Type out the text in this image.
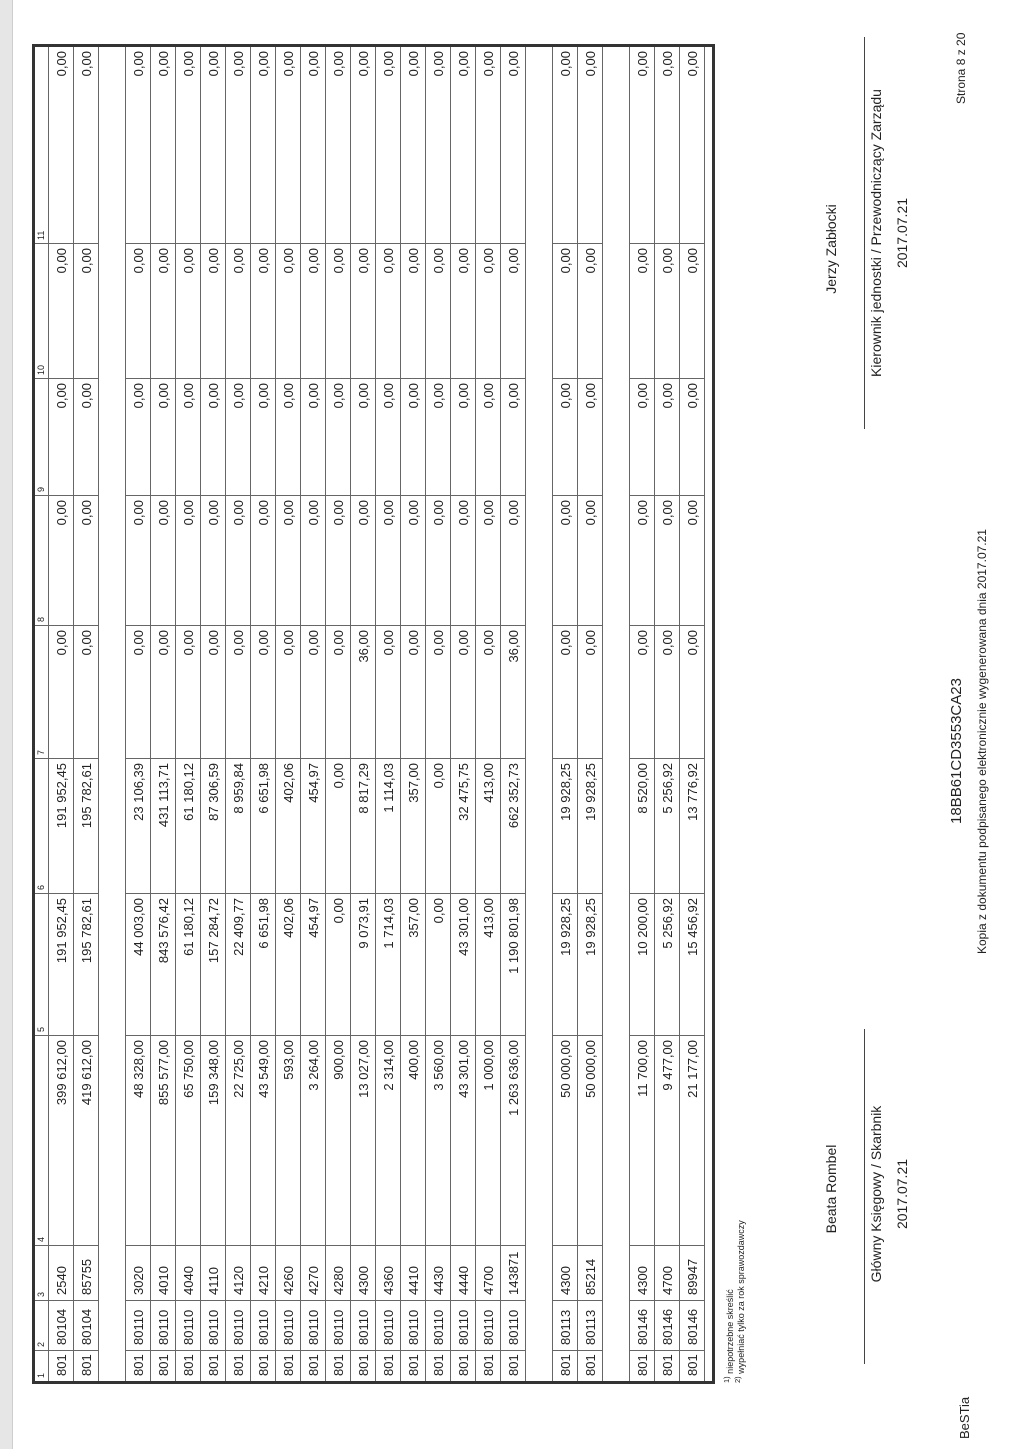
1
2
3
4
5
6
7
8
9
10
11
801
80104
2540
399 612,00
191 952,45
191 952,45
0,00
0,00
0,00
0,00
0,00
801
80104
85755
419 612,00
195 782,61
195 782,61
0,00
0,00
0,00
0,00
0,00
801
80110
3020
48 328,00
44 003,00
23 106,39
0,00
0,00
0,00
0,00
0,00
801
80110
4010
855 577,00
843 576,42
431 113,71
0,00
0,00
0,00
0,00
0,00
801
80110
4040
65 750,00
61 180,12
61 180,12
0,00
0,00
0,00
0,00
0,00
801
80110
4110
159 348,00
157 284,72
87 306,59
0,00
0,00
0,00
0,00
0,00
801
80110
4120
22 725,00
22 409,77
8 959,84
0,00
0,00
0,00
0,00
0,00
801
80110
4210
43 549,00
6 651,98
6 651,98
0,00
0,00
0,00
0,00
0,00
801
80110
4260
593,00
402,06
402,06
0,00
0,00
0,00
0,00
0,00
801
80110
4270
3 264,00
454,97
454,97
0,00
0,00
0,00
0,00
0,00
801
80110
4280
900,00
0,00
0,00
0,00
0,00
0,00
0,00
0,00
801
80110
4300
13 027,00
9 073,91
8 817,29
36,00
0,00
0,00
0,00
0,00
801
80110
4360
2 314,00
1 714,03
1 114,03
0,00
0,00
0,00
0,00
0,00
801
80110
4410
400,00
357,00
357,00
0,00
0,00
0,00
0,00
0,00
801
80110
4430
3 560,00
0,00
0,00
0,00
0,00
0,00
0,00
0,00
801
80110
4440
43 301,00
43 301,00
32 475,75
0,00
0,00
0,00
0,00
0,00
801
80110
4700
1 000,00
413,00
413,00
0,00
0,00
0,00
0,00
0,00
801
80110
143871
1 263 636,00
1 190 801,98
662 352,73
36,00
0,00
0,00
0,00
0,00
801
80113
4300
50 000,00
19 928,25
19 928,25
0,00
0,00
0,00
0,00
0,00
801
80113
85214
50 000,00
19 928,25
19 928,25
0,00
0,00
0,00
0,00
0,00
801
80146
4300
11 700,00
10 200,00
8 520,00
0,00
0,00
0,00
0,00
0,00
801
80146
4700
9 477,00
5 256,92
5 256,92
0,00
0,00
0,00
0,00
0,00
801
80146
89947
21 177,00
15 456,92
13 776,92
0,00
0,00
0,00
0,00
0,00
$^{1)}$ niepotrzebne skreślić
$^{2)}$ wypełniać tylko za rok sprawozdawczy
Beata Rombel Główny Księgowy / Skarbnik 2017.07.21
Jerzy Zabłocki Kierownik jednostki / Przewodniczący Zarządu 2017.07.21
BeSTia
18BB61CD3553CA23 Kopia z dokumentu podpisanego elektronicznie wygenerowana dnia 2017.07.21
Strona 8 z 20
